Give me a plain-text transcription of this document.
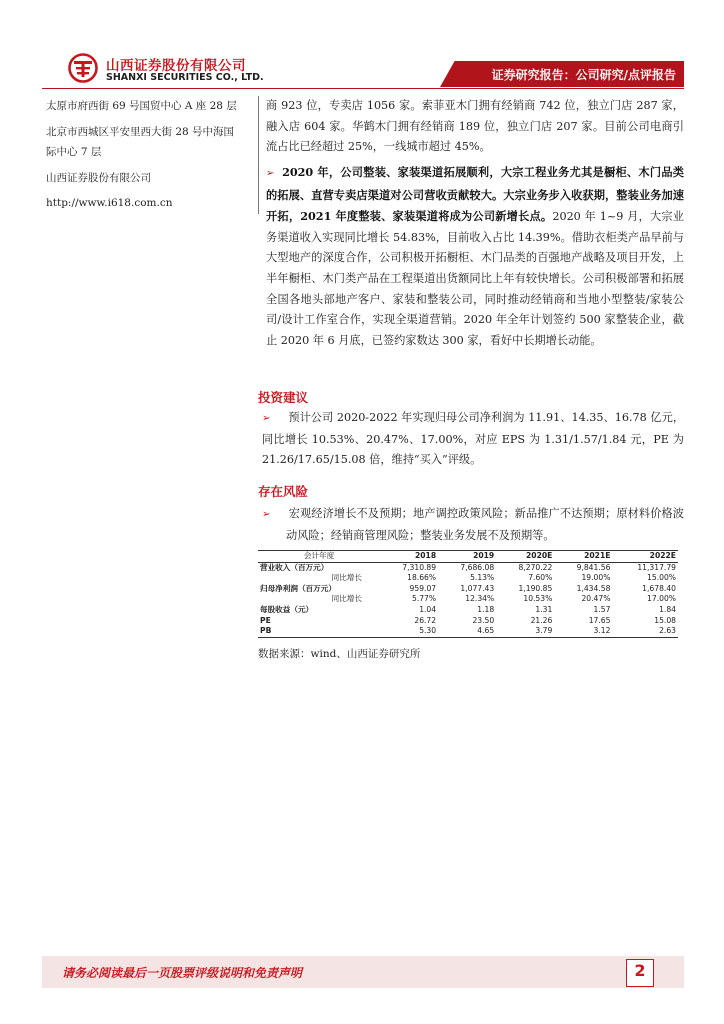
山西证券股份有限公司
SHANXI SECURITIES CO., LTD.	证券研究报告：公司研究/点评报告
太原市府西街 69 号国贸中心 A 座 28 层
北京市西城区平安里西大街 28 号中海国
际中心 7 层
山西证券股份有限公司
http://www.i618.com.cn

商 923 位，专卖店 1056 家。索菲亚木门拥有经销商 742 位，独立门店 287 家，融入店 604 家。华鹤木门拥有经销商 189 位，独立门店 207 家。目前公司电商引流占比已经超过 25%，一线城市超过 45%。

➢ 2020 年，公司整装、家装渠道拓展顺利，大宗工程业务尤其是橱柜、木门品类的拓展、直营专卖店渠道对公司营收贡献较大。大宗业务步入收获期，整装业务加速开拓，2021 年度整装、家装渠道将成为公司新增长点。2020 年 1~9 月，大宗业务渠道收入实现同比增长 54.83%，目前收入占比 14.39%。借助衣柜类产品早前与大型地产的深度合作，公司积极开拓橱柜、木门品类的百强地产战略及项目开发，上半年橱柜、木门类产品在工程渠道出货额同比上年有较快增长。公司积极部署和拓展全国各地头部地产客户、家装和整装公司，同时推动经销商和当地小型整装/家装公司/设计工作室合作，实现全渠道营销。2020 年全年计划签约 500 家整装企业，截止 2020 年 6 月底，已签约家数达 300 家，看好中长期增长动能。

投资建议

➢ 预计公司 2020-2022 年实现归母公司净利润为 11.91、14.35、16.78 亿元，同比增长 10.53%、20.47%、17.00%，对应 EPS 为 1.31/1.57/1.84 元，PE 为 21.26/17.65/15.08 倍，维持“买入”评级。

存在风险

➢ 宏观经济增长不及预期；地产调控政策风险；新品推广不达预期；原材料价格波动风险；经销商管理风险；整装业务发展不及预期等。

会计年度	2018	2019	2020E	2021E	2022E
营业收入（百万元）	7,310.89	7,686.08	8,270.22	9,841.56	11,317.79
同比增长	18.66%	5.13%	7.60%	19.00%	15.00%
归母净利润（百万元）	959.07	1,077.43	1,190.85	1,434.58	1,678.40
同比增长	5.77%	12.34%	10.53%	20.47%	17.00%
每股收益（元）	1.04	1.18	1.31	1.57	1.84
PE	26.72	23.50	21.26	17.65	15.08
PB	5.30	4.65	3.79	3.12	2.63
数据来源：wind、山西证券研究所
请务必阅读最后一页股票评级说明和免责声明	2
